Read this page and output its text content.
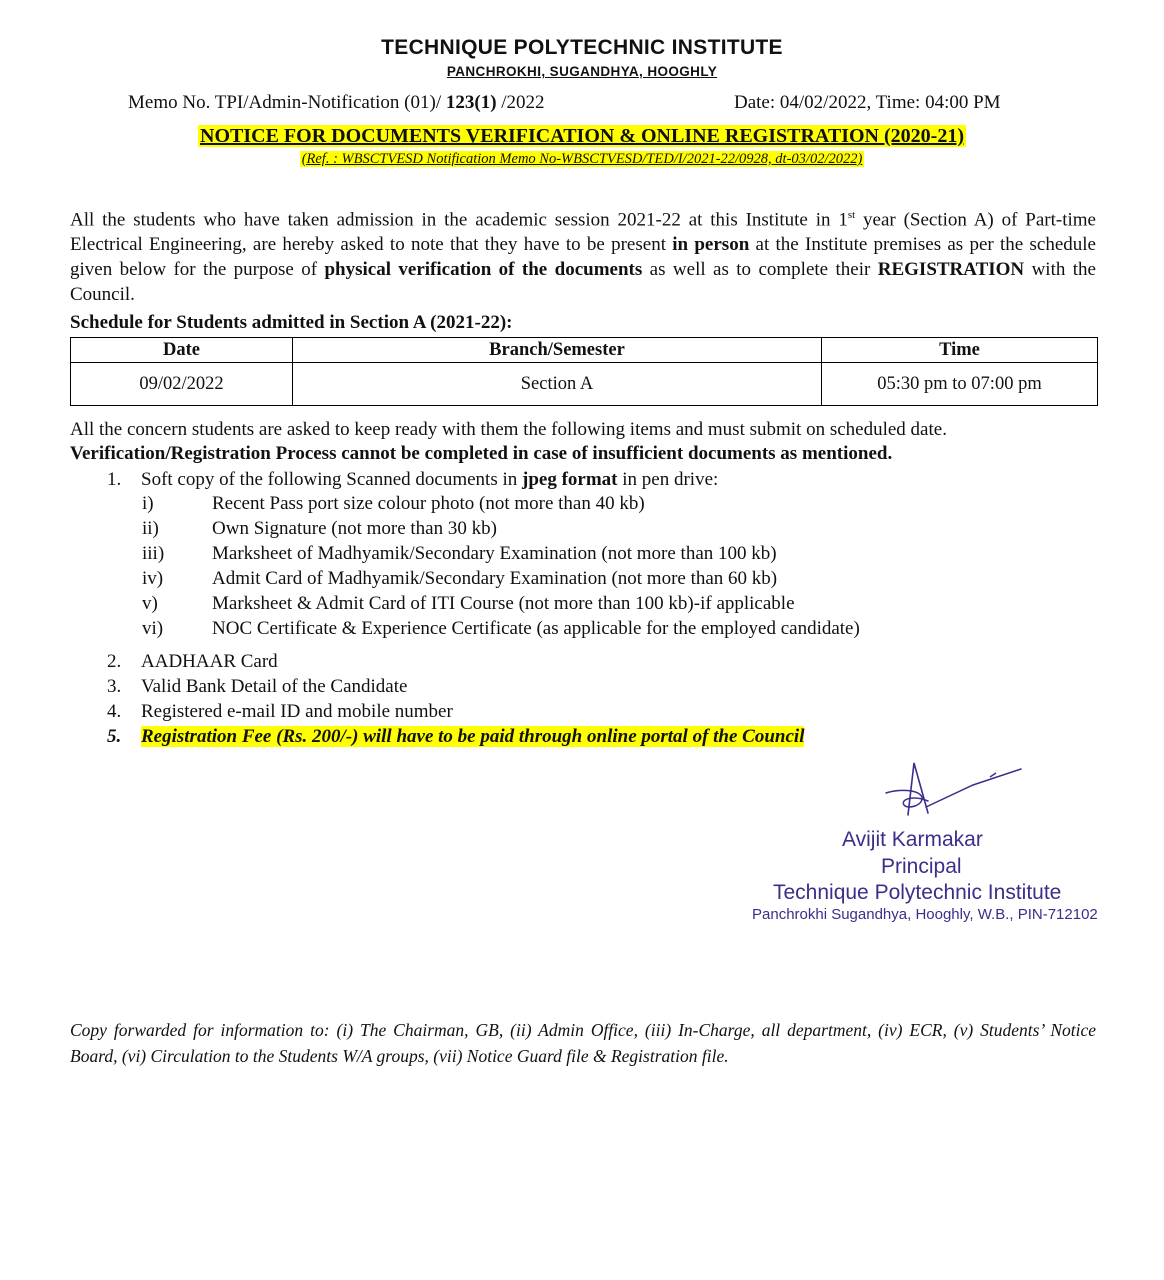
TECHNIQUE POLYTECHNIC INSTITUTE
PANCHROKHI, SUGANDHYA, HOOGHLY
Memo No. TPI/Admin-Notification (01)/ 123(1) /2022	Date: 04/02/2022, Time: 04:00 PM
NOTICE FOR DOCUMENTS VERIFICATION & ONLINE REGISTRATION (2020-21)
(Ref. : WBSCTVESD Notification Memo No-WBSCTVESD/TED/I/2021-22/0928, dt-03/02/2022)
All the students who have taken admission in the academic session 2021-22 at this Institute in 1st year (Section A) of Part-time Electrical Engineering, are hereby asked to note that they have to be present in person at the Institute premises as per the schedule given below for the purpose of physical verification of the documents as well as to complete their REGISTRATION with the Council.
Schedule for Students admitted in Section A (2021-22):
Date	Branch/Semester	Time
09/02/2022	Section A	05:30 pm to 07:00 pm
All the concern students are asked to keep ready with them the following items and must submit on scheduled date.
Verification/Registration Process cannot be completed in case of insufficient documents as mentioned.
1. Soft copy of the following Scanned documents in jpeg format in pen drive:
i)	Recent Pass port size colour photo (not more than 40 kb)
ii)	Own Signature (not more than 30 kb)
iii)	Marksheet of Madhyamik/Secondary Examination (not more than 100 kb)
iv)	Admit Card of Madhyamik/Secondary Examination (not more than 60 kb)
v)	Marksheet & Admit Card of ITI Course (not more than 100 kb)-if applicable
vi)	NOC Certificate & Experience Certificate (as applicable for the employed candidate)
2. AADHAAR Card
3. Valid Bank Detail of the Candidate
4. Registered e-mail ID and mobile number
5. Registration Fee (Rs. 200/-) will have to be paid through online portal of the Council
Avijit Karmakar
Principal
Technique Polytechnic Institute
Panchrokhi Sugandhya, Hooghly, W.B., PIN-712102
Copy forwarded for information to: (i) The Chairman, GB, (ii) Admin Office, (iii) In-Charge, all department, (iv) ECR, (v) Students’ Notice Board, (vi) Circulation to the Students W/A groups, (vii) Notice Guard file & Registration file.
